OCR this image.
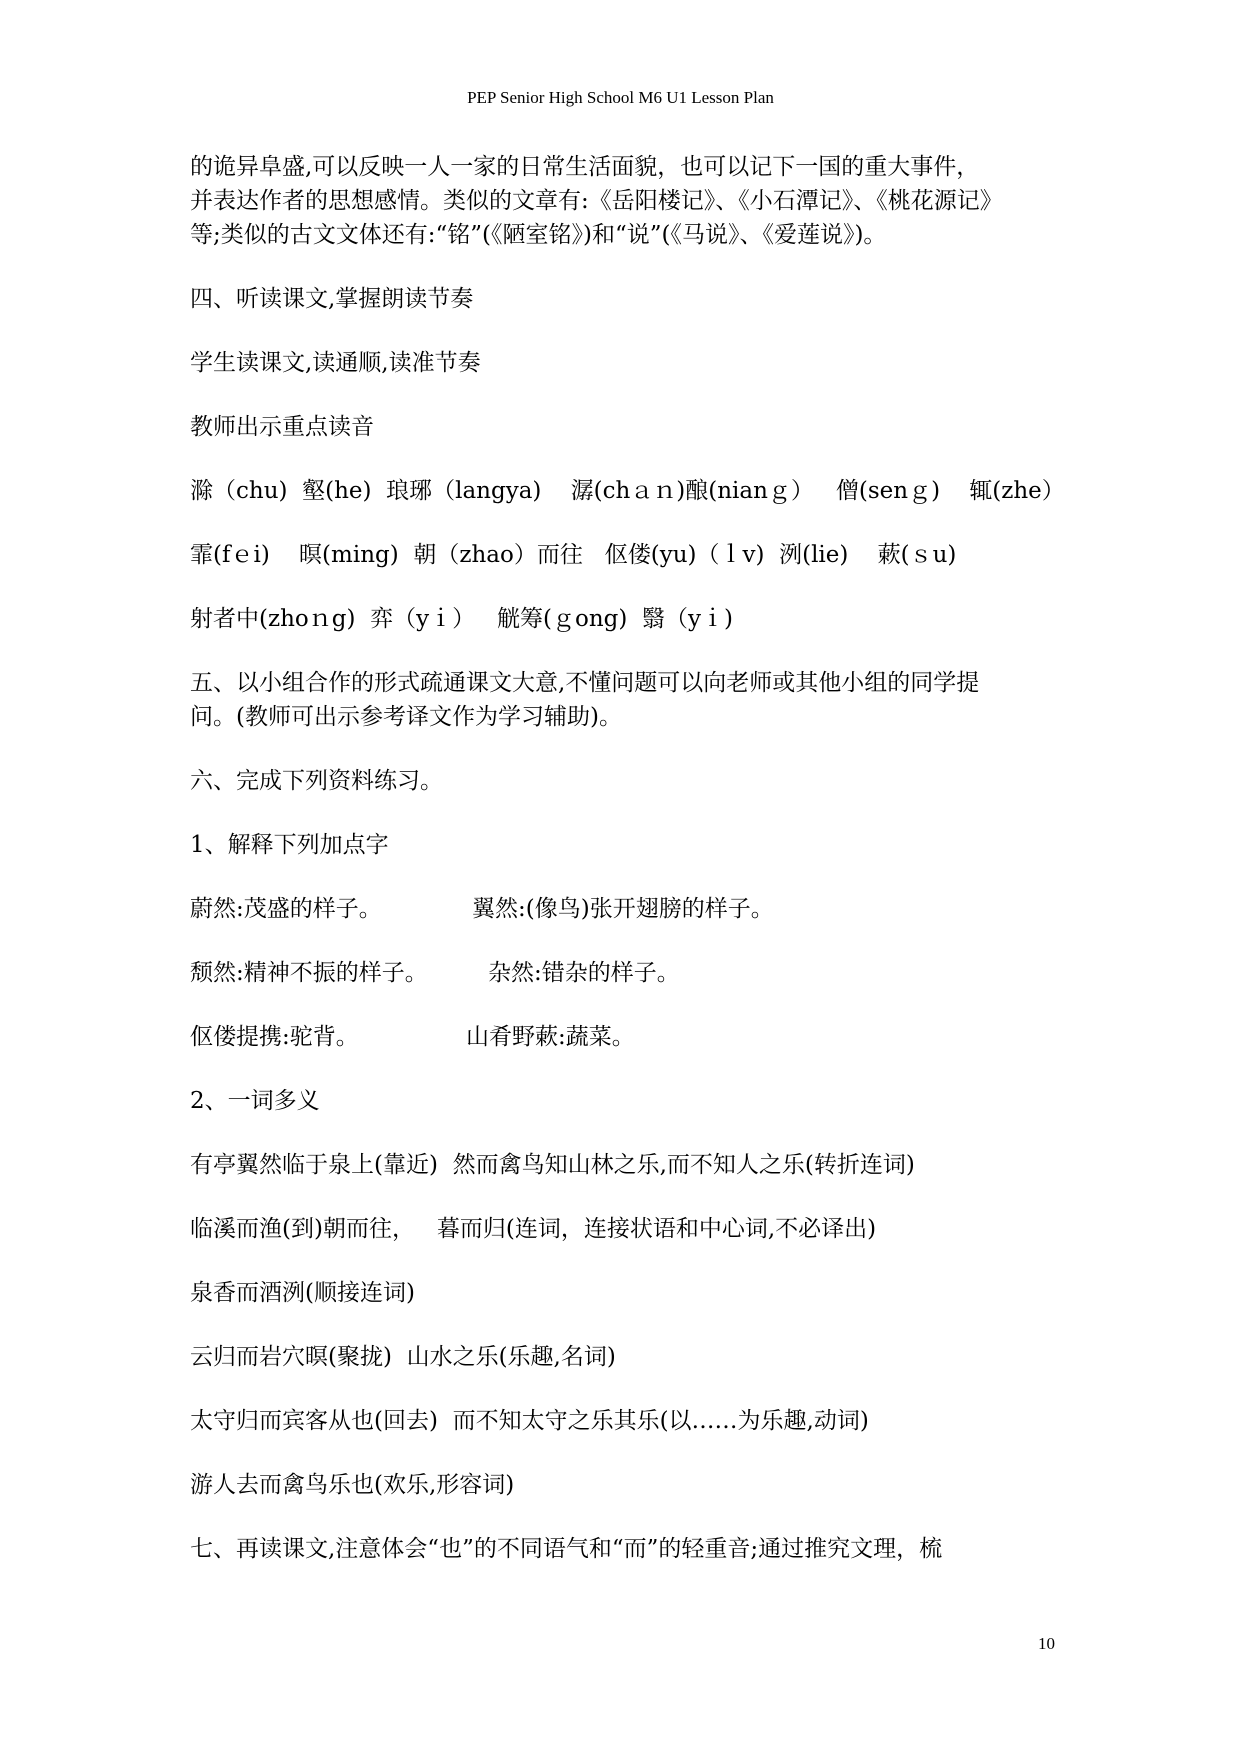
PEP Senior High School M6 U1 Lesson Plan

的诡异阜盛,可以反映一人一家的日常生活面貌，也可以记下一国的重大事件，
并表达作者的思想感情。类似的文章有:《岳阳楼记》、《小石潭记》、《桃花源记》
等;类似的古文文体还有:“铭”(《陋室铭》)和“说”(《马说》、《爱莲说》)。

四、听读课文,掌握朗读节奏

学生读课文,读通顺,读准节奏

教师出示重点读音

滁（chu)  壑(he)  琅琊（langya)    潺(chａｎ)酿(nianｇ）   僧(senｇ)    辄(zhe）

霏(fｅi)    暝(ming)  朝（zhao）而往   伛偻(yu)（ｌv)  洌(lie)    蔌(ｓu)

射者中(zhoｎg)  弈（yｉ）   觥筹(ｇong)  翳（yｉ)

五、以小组合作的形式疏通课文大意,不懂问题可以向老师或其他小组的同学提
问。(教师可出示参考译文作为学习辅助)。

六、完成下列资料练习。

1、解释下列加点字

蔚然:茂盛的样子。	翼然:(像鸟)张开翅膀的样子。

颓然:精神不振的样子。	杂然:错杂的样子。

伛偻提携:驼背。	山肴野蔌:蔬菜。

2、一词多义

有亭翼然临于泉上(靠近)  然而禽鸟知山林之乐,而不知人之乐(转折连词)

临溪而渔(到)朝而往，   暮而归(连词，连接状语和中心词,不必译出)

泉香而酒洌(顺接连词)

云归而岩穴暝(聚拢)  山水之乐(乐趣,名词)

太守归而宾客从也(回去)  而不知太守之乐其乐(以……为乐趣,动词)

游人去而禽鸟乐也(欢乐,形容词)

七、再读课文,注意体会“也”的不同语气和“而”的轻重音;通过推究文理，梳

10
